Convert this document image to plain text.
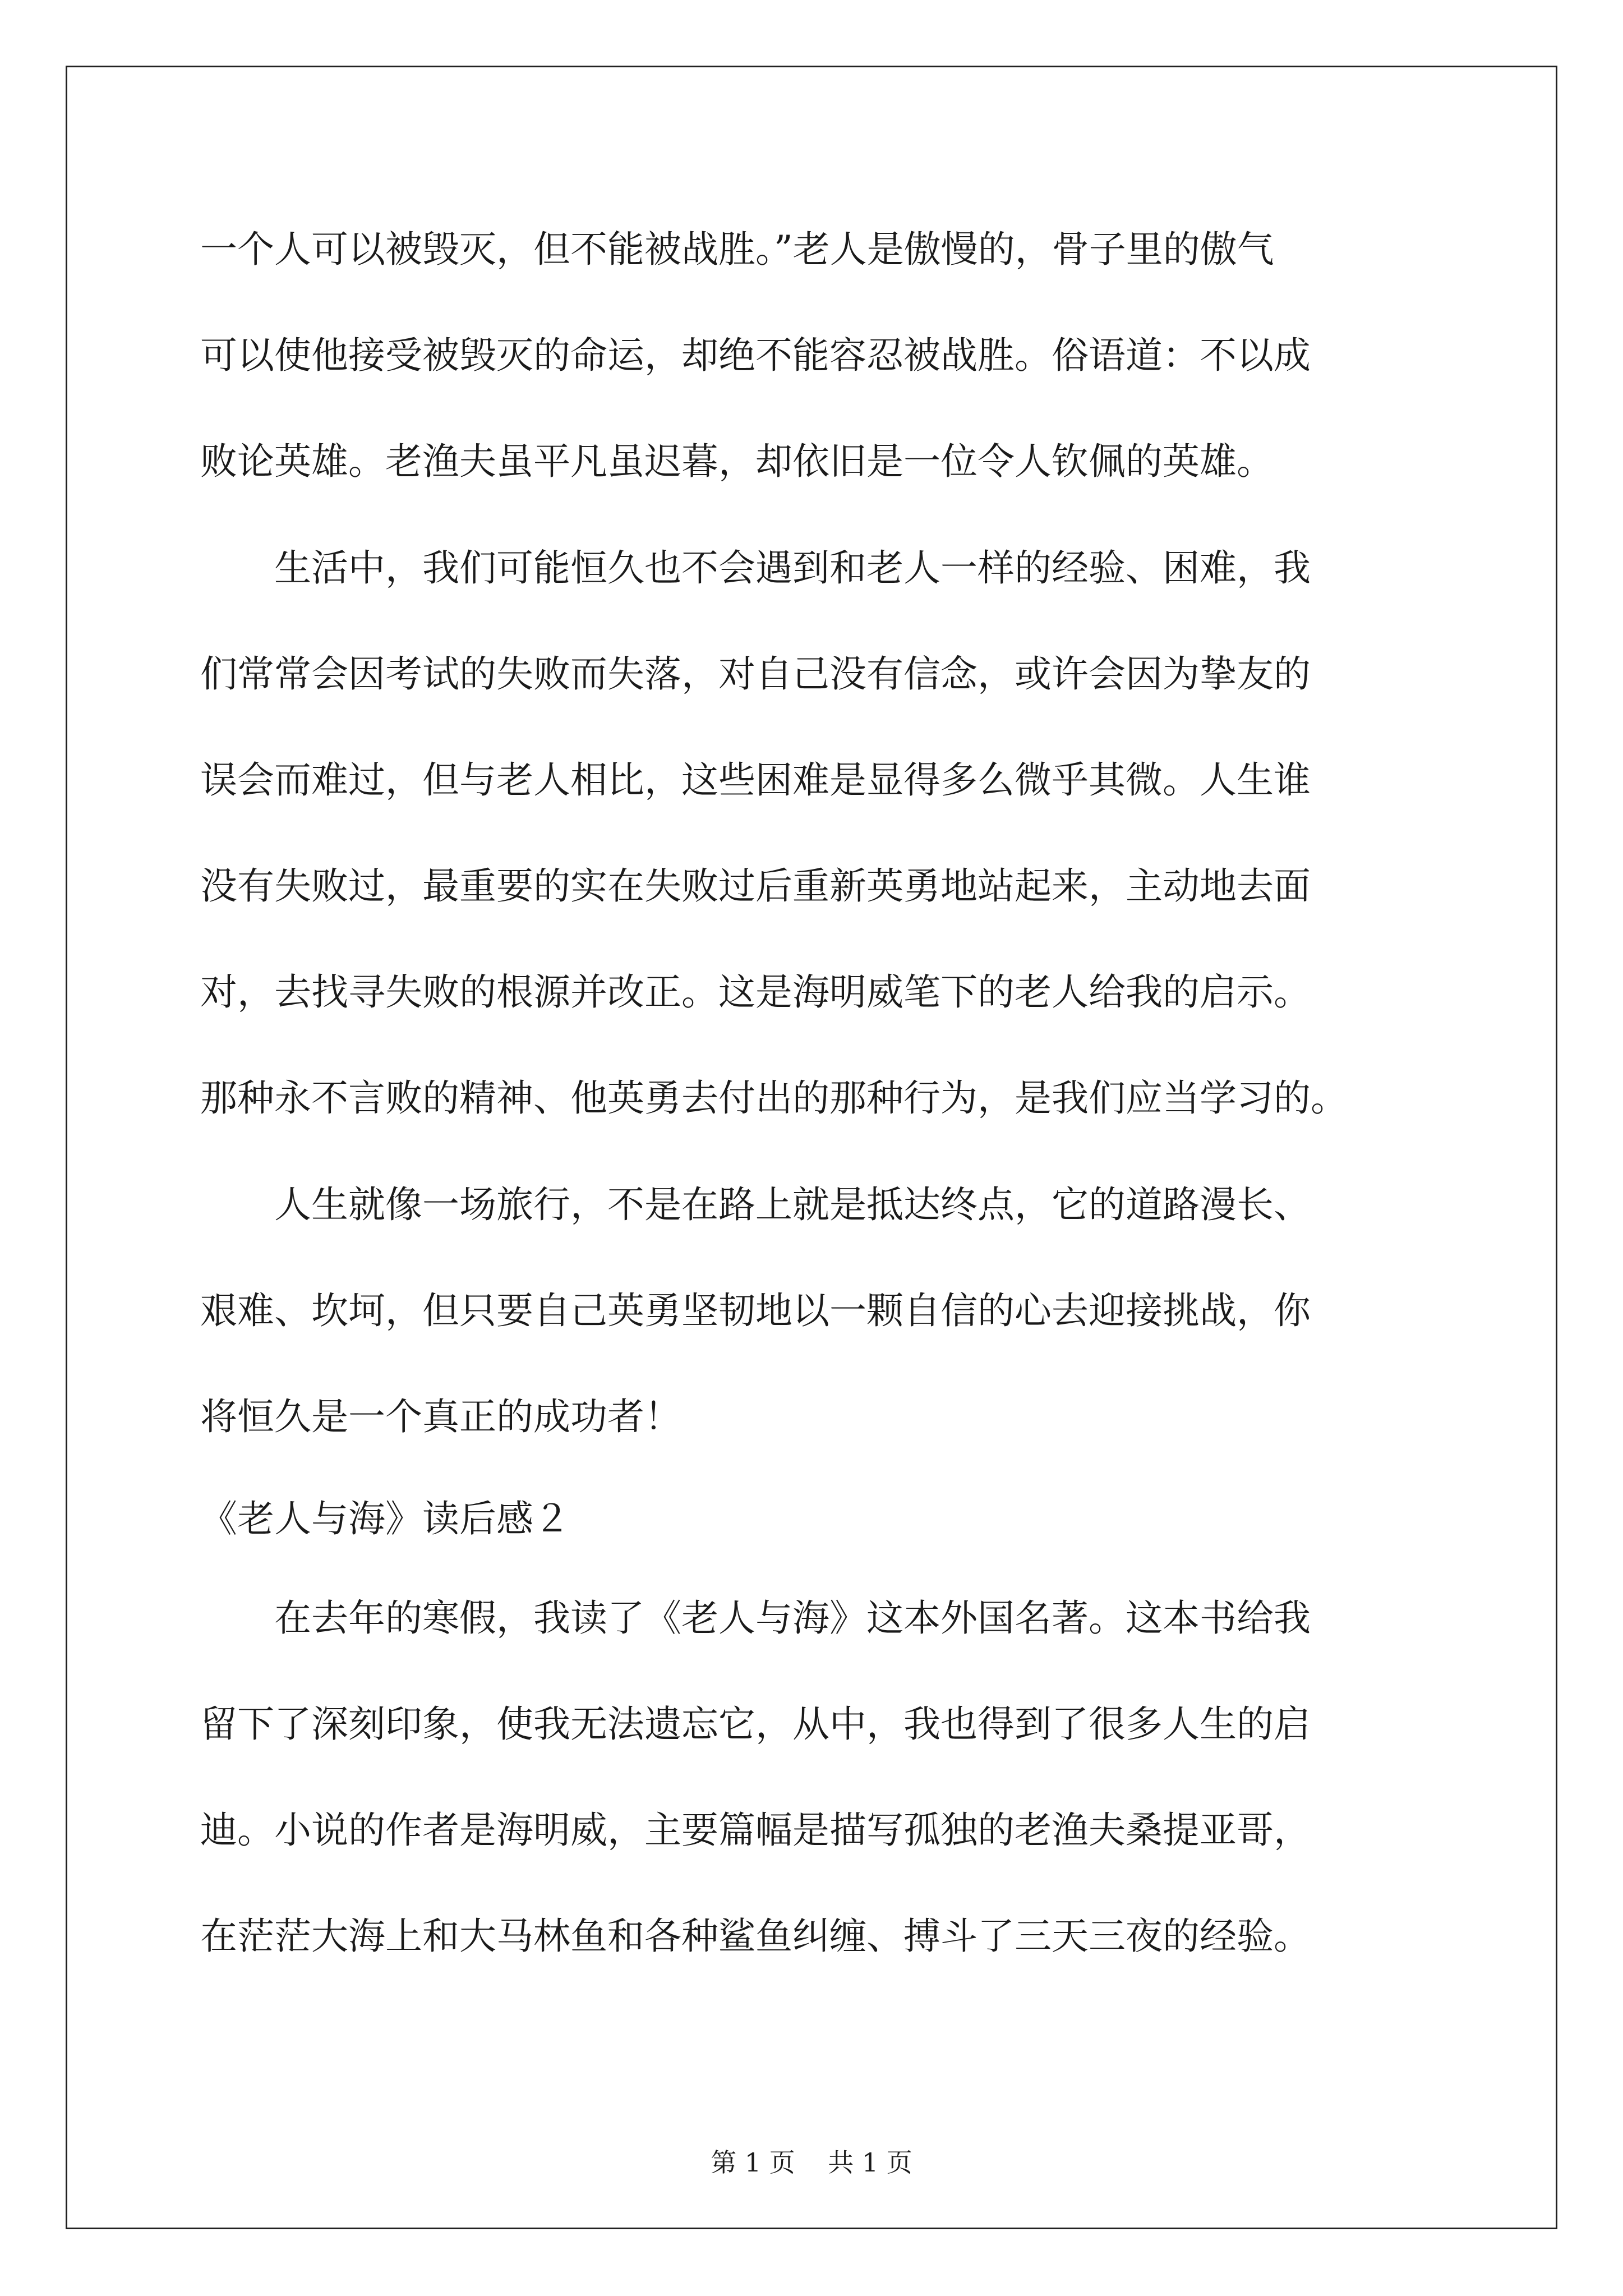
一个人可以被毁灭，但不能被战胜。”老人是傲慢的，骨子里的傲气
可以使他接受被毁灭的命运，却绝不能容忍被战胜。俗语道：不以成
败论英雄。老渔夫虽平凡虽迟暮，却依旧是一位令人钦佩的英雄。
　　生活中，我们可能恒久也不会遇到和老人一样的经验、困难，我
们常常会因考试的失败而失落，对自己没有信念，或许会因为挚友的
误会而难过，但与老人相比，这些困难是显得多么微乎其微。人生谁
没有失败过，最重要的实在失败过后重新英勇地站起来，主动地去面
对，去找寻失败的根源并改正。这是海明威笔下的老人给我的启示。
那种永不言败的精神、他英勇去付出的那种行为，是我们应当学习的。
　　人生就像一场旅行，不是在路上就是抵达终点，它的道路漫长、
艰难、坎坷，但只要自己英勇坚韧地以一颗自信的心去迎接挑战，你
将恒久是一个真正的成功者！
《老人与海》读后感２
　　在去年的寒假，我读了《老人与海》这本外国名著。这本书给我
留下了深刻印象，使我无法遗忘它，从中，我也得到了很多人生的启
迪。小说的作者是海明威，主要篇幅是描写孤独的老渔夫桑提亚哥，
在茫茫大海上和大马林鱼和各种鲨鱼纠缠、搏斗了三天三夜的经验。
第 1 页    共 1 页
